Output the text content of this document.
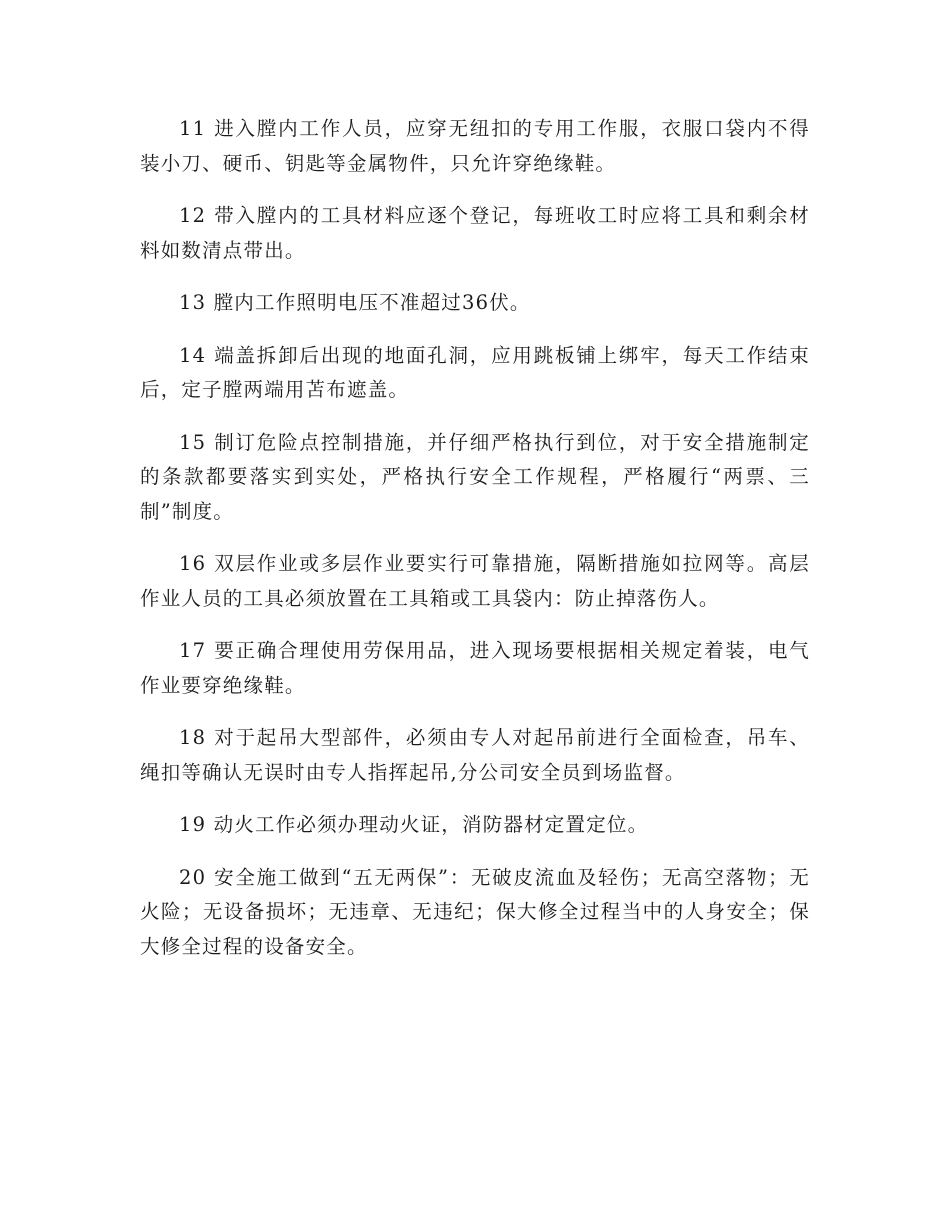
11 进入膛内工作人员，应穿无纽扣的专用工作服，衣服口袋内不得装小刀、硬币、钥匙等金属物件，只允许穿绝缘鞋。

12 带入膛内的工具材料应逐个登记，每班收工时应将工具和剩余材料如数清点带出。

13 膛内工作照明电压不准超过36伏。

14 端盖拆卸后出现的地面孔洞，应用跳板铺上绑牢，每天工作结束后，定子膛两端用苫布遮盖。

15 制订危险点控制措施，并仔细严格执行到位，对于安全措施制定的条款都要落实到实处，严格执行安全工作规程，严格履行“两票、三制”制度。

16 双层作业或多层作业要实行可靠措施，隔断措施如拉网等。高层作业人员的工具必须放置在工具箱或工具袋内：防止掉落伤人。

17 要正确合理使用劳保用品，进入现场要根据相关规定着装，电气作业要穿绝缘鞋。

18 对于起吊大型部件，必须由专人对起吊前进行全面检查，吊车、绳扣等确认无误时由专人指挥起吊,分公司安全员到场监督。

19 动火工作必须办理动火证，消防器材定置定位。

20 安全施工做到“五无两保”：无破皮流血及轻伤；无高空落物；无火险；无设备损坏；无违章、无违纪；保大修全过程当中的人身安全；保大修全过程的设备安全。
